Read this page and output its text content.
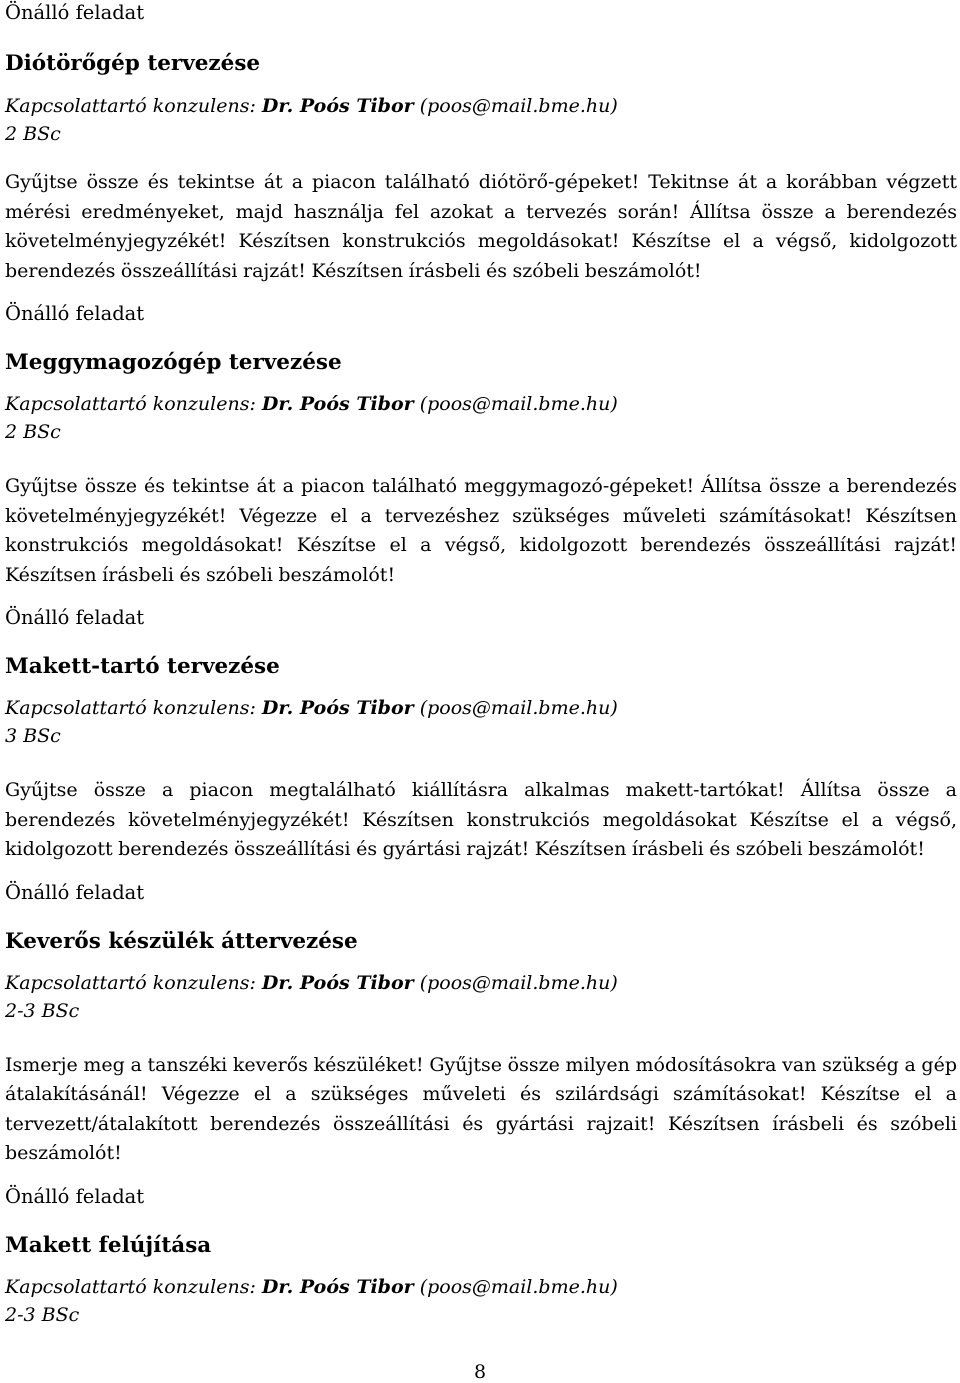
Önálló feladat
Diótörőgép tervezése
Kapcsolattartó konzulens: Dr. Poós Tibor (poos@mail.bme.hu)
2 BSc

Gyűjtse össze és tekintse át a piacon található diótörő-gépeket! Tekitnse át a korábban végzett mérési eredményeket, majd használja fel azokat a tervezés során! Állítsa össze a berendezés követelményjegyzékét! Készítsen konstrukciós megoldásokat! Készítse el a végső, kidolgozott berendezés összeállítási rajzát! Készítsen írásbeli és szóbeli beszámolót!

Önálló feladat
Meggymagozógép tervezése
Kapcsolattartó konzulens: Dr. Poós Tibor (poos@mail.bme.hu)
2 BSc

Gyűjtse össze és tekintse át a piacon található meggymagozó-gépeket! Állítsa össze a berendezés követelményjegyzékét! Végezze el a tervezéshez szükséges műveleti számításokat! Készítsen konstrukciós megoldásokat! Készítse el a végső, kidolgozott berendezés összeállítási rajzát! Készítsen írásbeli és szóbeli beszámolót!

Önálló feladat
Makett-tartó tervezése
Kapcsolattartó konzulens: Dr. Poós Tibor (poos@mail.bme.hu)
3 BSc

Gyűjtse össze a piacon megtalálható kiállításra alkalmas makett-tartókat! Állítsa össze a berendezés követelményjegyzékét! Készítsen konstrukciós megoldásokat Készítse el a végső, kidolgozott berendezés összeállítási és gyártási rajzát! Készítsen írásbeli és szóbeli beszámolót!

Önálló feladat
Keverős készülék áttervezése
Kapcsolattartó konzulens: Dr. Poós Tibor (poos@mail.bme.hu)
2-3 BSc

Ismerje meg a tanszéki keverős készüléket! Gyűjtse össze milyen módosításokra van szükség a gép átalakításánál! Végezze el a szükséges műveleti és szilárdsági számításokat! Készítse el a tervezett/átalakított berendezés összeállítási és gyártási rajzait! Készítsen írásbeli és szóbeli beszámolót!

Önálló feladat
Makett felújítása
Kapcsolattartó konzulens: Dr. Poós Tibor (poos@mail.bme.hu)
2-3 BSc
8
